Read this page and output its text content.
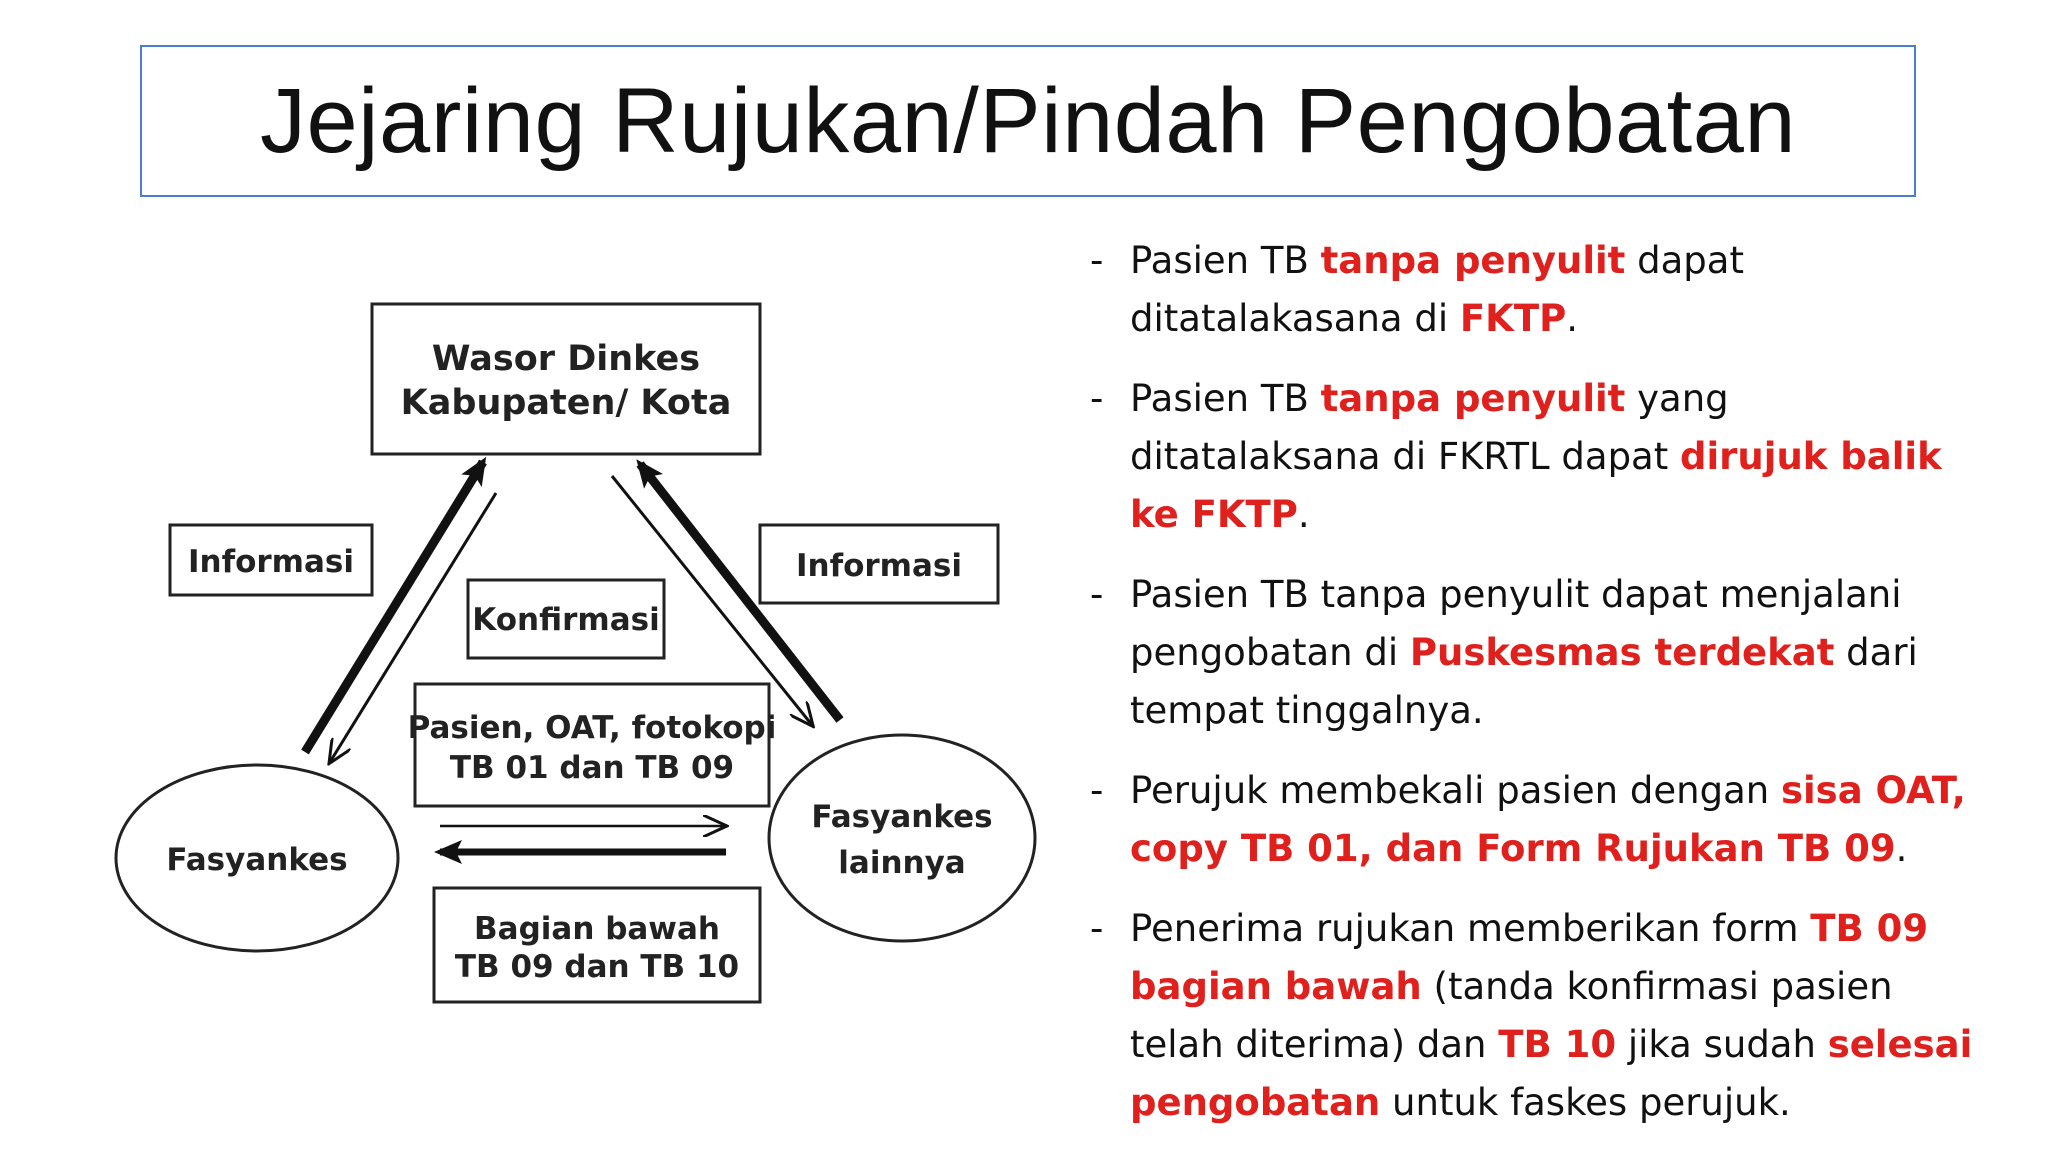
Jejaring Rujukan/Pindah Pengobatan
Wasor Dinkes
Kabupaten/ Kota
Informasi	Informasi
Konfirmasi
Pasien, OAT, fotokopi
TB 01 dan TB 09
Bagian bawah
TB 09 dan TB 10
Fasyankes
Fasyankes
lainnya
- Pasien TB tanpa penyulit dapat ditatalakasana di FKTP.
- Pasien TB tanpa penyulit yang ditatalaksana di FKRTL dapat dirujuk balik ke FKTP.
- Pasien TB tanpa penyulit dapat menjalani pengobatan di Puskesmas terdekat dari tempat tinggalnya.
- Perujuk membekali pasien dengan sisa OAT, copy TB 01, dan Form Rujukan TB 09.
- Penerima rujukan memberikan form TB 09 bagian bawah (tanda konfirmasi pasien telah diterima) dan TB 10 jika sudah selesai pengobatan untuk faskes perujuk.
